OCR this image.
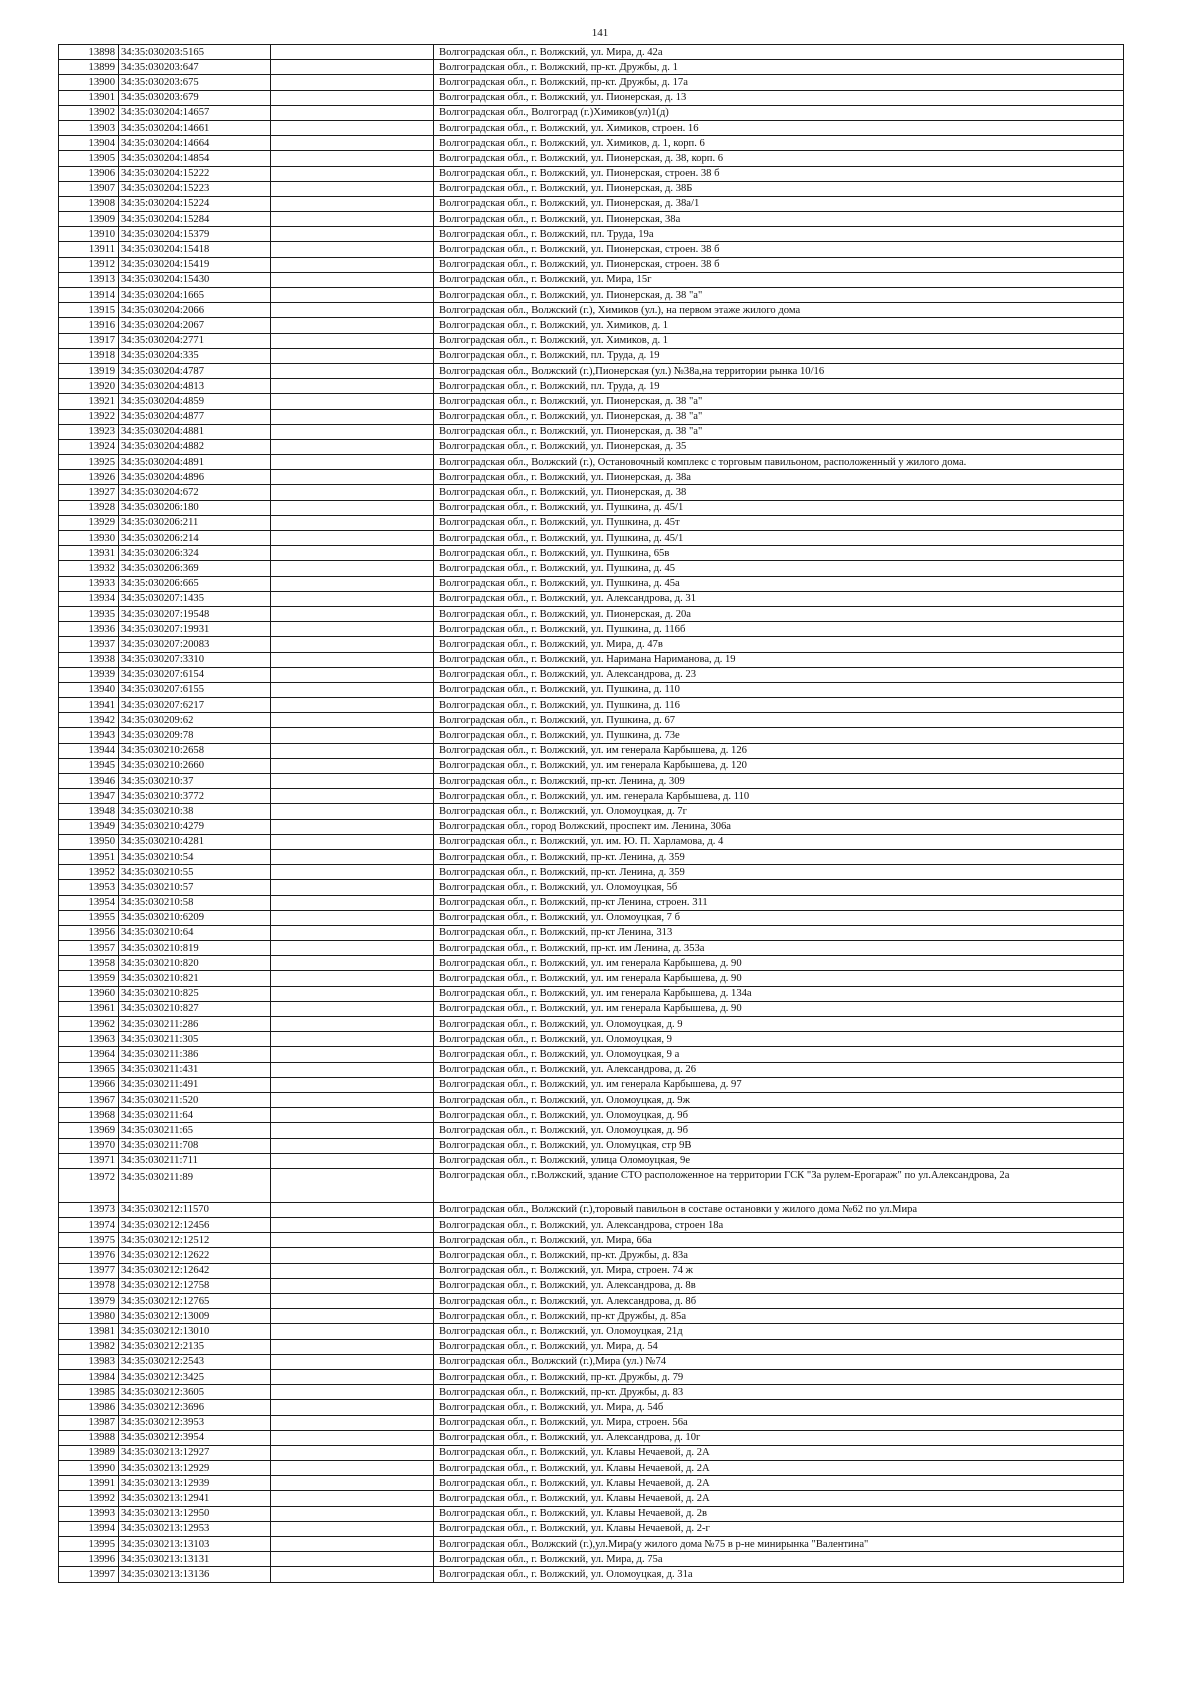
141
13898	34:35:030203:5165		Волгоградская обл., г. Волжский, ул. Мира, д. 42а
13899	34:35:030203:647		Волгоградская обл., г. Волжский, пр-кт. Дружбы, д. 1
13900	34:35:030203:675		Волгоградская обл., г. Волжский, пр-кт. Дружбы, д. 17а
13901	34:35:030203:679		Волгоградская обл., г. Волжский, ул. Пионерская, д. 13
13902	34:35:030204:14657		Волгоградская обл., Волгоград (г.)Химиков(ул)1(д)
13903	34:35:030204:14661		Волгоградская обл., г. Волжский, ул. Химиков, строен. 16
13904	34:35:030204:14664		Волгоградская обл., г. Волжский, ул. Химиков, д. 1, корп. 6
13905	34:35:030204:14854		Волгоградская обл., г. Волжский, ул. Пионерская, д. 38, корп. 6
13906	34:35:030204:15222		Волгоградская обл., г. Волжский, ул. Пионерская, строен. 38 б
13907	34:35:030204:15223		Волгоградская обл., г. Волжский, ул. Пионерская, д. 38Б
13908	34:35:030204:15224		Волгоградская обл., г. Волжский, ул. Пионерская, д. 38а/1
13909	34:35:030204:15284		Волгоградская обл., г. Волжский, ул. Пионерская, 38а
13910	34:35:030204:15379		Волгоградская обл., г. Волжский, пл. Труда, 19а
13911	34:35:030204:15418		Волгоградская обл., г. Волжский, ул. Пионерская, строен. 38 б
13912	34:35:030204:15419		Волгоградская обл., г. Волжский, ул. Пионерская, строен. 38 б
13913	34:35:030204:15430		Волгоградская обл., г. Волжский, ул. Мира, 15г
13914	34:35:030204:1665		Волгоградская обл., г. Волжский, ул. Пионерская, д. 38 "а"
13915	34:35:030204:2066		Волгоградская обл., Волжский (г.), Химиков (ул.), на первом этаже жилого дома
13916	34:35:030204:2067		Волгоградская обл., г. Волжский, ул. Химиков, д. 1
13917	34:35:030204:2771		Волгоградская обл., г. Волжский, ул. Химиков, д. 1
13918	34:35:030204:335		Волгоградская обл., г. Волжский, пл. Труда, д. 19
13919	34:35:030204:4787		Волгоградская обл., Волжский (г.),Пионерская (ул.) №38а,на территории рынка 10/16
13920	34:35:030204:4813		Волгоградская обл., г. Волжский, пл. Труда, д. 19
13921	34:35:030204:4859		Волгоградская обл., г. Волжский, ул. Пионерская, д. 38 "а"
13922	34:35:030204:4877		Волгоградская обл., г. Волжский, ул. Пионерская, д. 38 "а"
13923	34:35:030204:4881		Волгоградская обл., г. Волжский, ул. Пионерская, д. 38 "а"
13924	34:35:030204:4882		Волгоградская обл., г. Волжский, ул. Пионерская, д. 35
13925	34:35:030204:4891		Волгоградская обл., Волжский (г.), Остановочный комплекс с торговым павильоном, расположенный у жилого дома.
13926	34:35:030204:4896		Волгоградская обл., г. Волжский, ул. Пионерская, д. 38а
13927	34:35:030204:672		Волгоградская обл., г. Волжский, ул. Пионерская, д. 38
13928	34:35:030206:180		Волгоградская обл., г. Волжский, ул. Пушкина, д. 45/1
13929	34:35:030206:211		Волгоградская обл., г. Волжский, ул. Пушкина, д. 45т
13930	34:35:030206:214		Волгоградская обл., г. Волжский, ул. Пушкина, д. 45/1
13931	34:35:030206:324		Волгоградская обл., г. Волжский, ул. Пушкина, 65в
13932	34:35:030206:369		Волгоградская обл., г. Волжский, ул. Пушкина, д. 45
13933	34:35:030206:665		Волгоградская обл., г. Волжский, ул. Пушкина, д. 45а
13934	34:35:030207:1435		Волгоградская обл., г. Волжский, ул. Александрова, д. 31
13935	34:35:030207:19548		Волгоградская обл., г. Волжский, ул. Пионерская, д. 20а
13936	34:35:030207:19931		Волгоградская обл., г. Волжский, ул. Пушкина, д. 116б
13937	34:35:030207:20083		Волгоградская обл., г. Волжский, ул. Мира, д. 47в
13938	34:35:030207:3310		Волгоградская обл., г. Волжский, ул. Наримана Нариманова, д. 19
13939	34:35:030207:6154		Волгоградская обл., г. Волжский, ул. Александрова, д. 23
13940	34:35:030207:6155		Волгоградская обл., г. Волжский, ул. Пушкина, д. 110
13941	34:35:030207:6217		Волгоградская обл., г. Волжский, ул. Пушкина, д. 116
13942	34:35:030209:62		Волгоградская обл., г. Волжский, ул. Пушкина, д. 67
13943	34:35:030209:78		Волгоградская обл., г. Волжский, ул. Пушкина, д. 73е
13944	34:35:030210:2658		Волгоградская обл., г. Волжский, ул. им генерала Карбышева, д. 126
13945	34:35:030210:2660		Волгоградская обл., г. Волжский, ул. им генерала Карбышева, д. 120
13946	34:35:030210:37		Волгоградская обл., г. Волжский, пр-кт. Ленина, д. 309
13947	34:35:030210:3772		Волгоградская обл., г. Волжский, ул. им. генерала Карбышева, д. 110
13948	34:35:030210:38		Волгоградская обл., г. Волжский, ул. Оломоуцкая, д. 7г
13949	34:35:030210:4279		Волгоградская обл., город Волжский, проспект им. Ленина, 306а
13950	34:35:030210:4281		Волгоградская обл., г. Волжский, ул. им. Ю. П. Харламова, д. 4
13951	34:35:030210:54		Волгоградская обл., г. Волжский, пр-кт. Ленина, д. 359
13952	34:35:030210:55		Волгоградская обл., г. Волжский, пр-кт. Ленина, д. 359
13953	34:35:030210:57		Волгоградская обл., г. Волжский, ул. Оломоуцкая, 5б
13954	34:35:030210:58		Волгоградская обл., г. Волжский, пр-кт Ленина, строен. 311
13955	34:35:030210:6209		Волгоградская обл., г. Волжский, ул. Оломоуцкая, 7 б
13956	34:35:030210:64		Волгоградская обл., г. Волжский, пр-кт Ленина, 313
13957	34:35:030210:819		Волгоградская обл., г. Волжский, пр-кт. им Ленина, д. 353а
13958	34:35:030210:820		Волгоградская обл., г. Волжский, ул. им генерала Карбышева, д. 90
13959	34:35:030210:821		Волгоградская обл., г. Волжский, ул. им генерала Карбышева, д. 90
13960	34:35:030210:825		Волгоградская обл., г. Волжский, ул. им генерала Карбышева, д. 134а
13961	34:35:030210:827		Волгоградская обл., г. Волжский, ул. им генерала Карбышева, д. 90
13962	34:35:030211:286		Волгоградская обл., г. Волжский, ул. Оломоуцкая, д. 9
13963	34:35:030211:305		Волгоградская обл., г. Волжский, ул. Оломоуцкая, 9
13964	34:35:030211:386		Волгоградская обл., г. Волжский, ул. Оломоуцкая, 9 а
13965	34:35:030211:431		Волгоградская обл., г. Волжский, ул. Александрова, д. 26
13966	34:35:030211:491		Волгоградская обл., г. Волжский, ул. им генерала Карбышева, д. 97
13967	34:35:030211:520		Волгоградская обл., г. Волжский, ул. Оломоуцкая, д. 9ж
13968	34:35:030211:64		Волгоградская обл., г. Волжский, ул. Оломоуцкая, д. 9б
13969	34:35:030211:65		Волгоградская обл., г. Волжский, ул. Оломоуцкая, д. 9б
13970	34:35:030211:708		Волгоградская обл., г. Волжский, ул. Оломуцкая, стр 9В
13971	34:35:030211:711		Волгоградская обл., г. Волжский, улица Оломоуцкая, 9е
13972	34:35:030211:89		Волгоградская обл., г.Волжский, здание СТО расположенное на территории ГСК "За рулем-Ерогараж" по ул.Александрова, 2а
13973	34:35:030212:11570		Волгоградская обл., Волжский (г.),торовый павильон в составе остановки у жилого дома №62 по ул.Мира
13974	34:35:030212:12456		Волгоградская обл., г. Волжский, ул. Александрова, строен 18а
13975	34:35:030212:12512		Волгоградская обл., г. Волжский, ул. Мира, 66а
13976	34:35:030212:12622		Волгоградская обл., г. Волжский, пр-кт. Дружбы, д. 83а
13977	34:35:030212:12642		Волгоградская обл., г. Волжский, ул. Мира, строен. 74 ж
13978	34:35:030212:12758		Волгоградская обл., г. Волжский, ул. Александрова, д. 8в
13979	34:35:030212:12765		Волгоградская обл., г. Волжский, ул. Александрова, д. 8б
13980	34:35:030212:13009		Волгоградская обл., г. Волжский, пр-кт Дружбы, д. 85а
13981	34:35:030212:13010		Волгоградская обл., г. Волжский, ул. Оломоуцкая, 21д
13982	34:35:030212:2135		Волгоградская обл., г. Волжский, ул. Мира, д. 54
13983	34:35:030212:2543		Волгоградская обл., Волжский (г.),Мира (ул.) №74
13984	34:35:030212:3425		Волгоградская обл., г. Волжский, пр-кт. Дружбы, д. 79
13985	34:35:030212:3605		Волгоградская обл., г. Волжский, пр-кт. Дружбы, д. 83
13986	34:35:030212:3696		Волгоградская обл., г. Волжский, ул. Мира, д. 54б
13987	34:35:030212:3953		Волгоградская обл., г. Волжский, ул. Мира, строен. 56а
13988	34:35:030212:3954		Волгоградская обл., г. Волжский, ул. Александрова, д. 10г
13989	34:35:030213:12927		Волгоградская обл., г. Волжский, ул. Клавы Нечаевой, д. 2А
13990	34:35:030213:12929		Волгоградская обл., г. Волжский, ул. Клавы Нечаевой, д. 2А
13991	34:35:030213:12939		Волгоградская обл., г. Волжский, ул. Клавы Нечаевой, д. 2А
13992	34:35:030213:12941		Волгоградская обл., г. Волжский, ул. Клавы Нечаевой, д. 2А
13993	34:35:030213:12950		Волгоградская обл., г. Волжский, ул. Клавы Нечаевой, д. 2в
13994	34:35:030213:12953		Волгоградская обл., г. Волжский, ул. Клавы Нечаевой, д. 2-г
13995	34:35:030213:13103		Волгоградская обл., Волжский (г.),ул.Мира(у жилого дома №75 в р-не минирынка "Валентина"
13996	34:35:030213:13131		Волгоградская обл., г. Волжский, ул. Мира, д. 75а
13997	34:35:030213:13136		Волгоградская обл., г. Волжский, ул. Оломоуцкая, д. 31а
